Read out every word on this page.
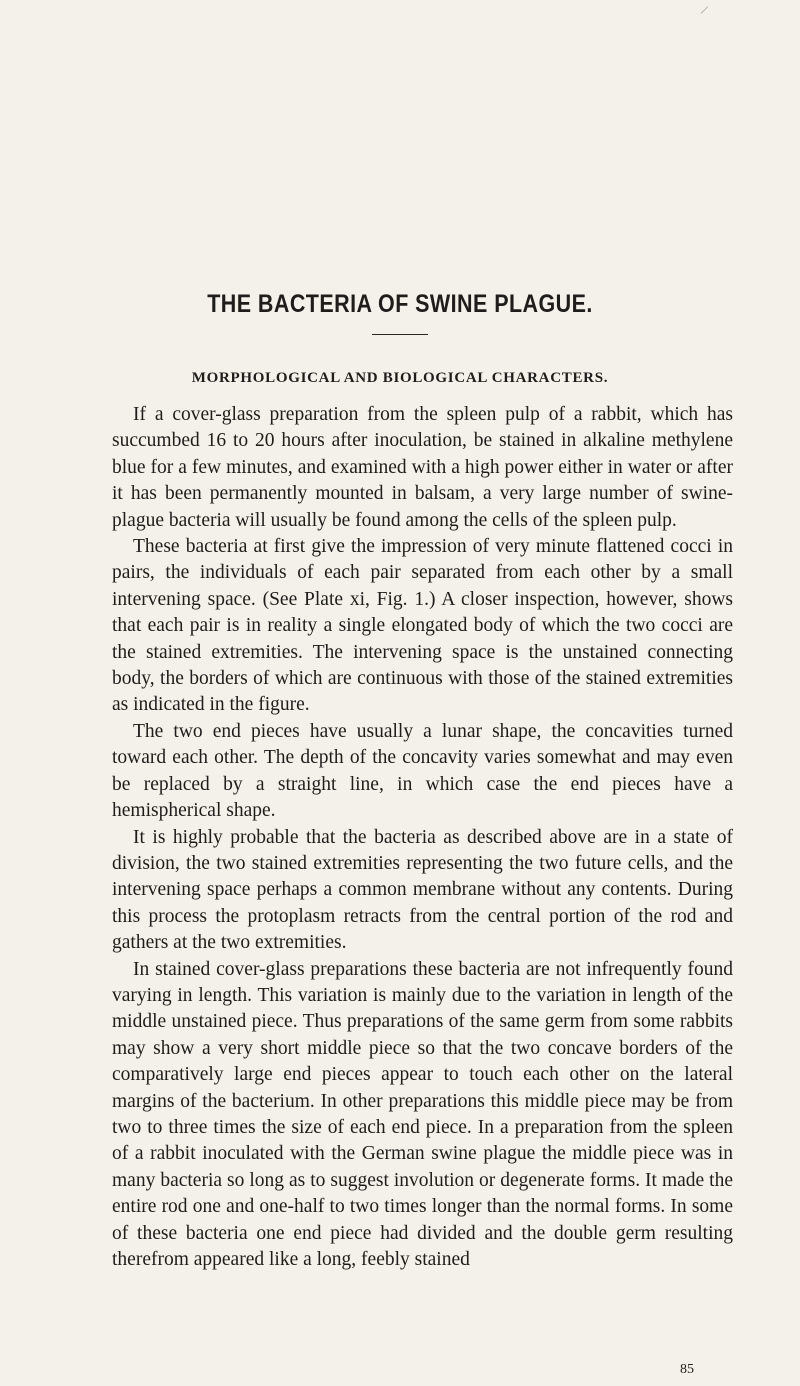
THE BACTERIA OF SWINE PLAGUE.
MORPHOLOGICAL AND BIOLOGICAL CHARACTERS.

If a cover-glass preparation from the spleen pulp of a rabbit, which has succumbed 16 to 20 hours after inoculation, be stained in alkaline methylene blue for a few minutes, and examined with a high power either in water or after it has been permanently mounted in balsam, a very large number of swine-plague bacteria will usually be found among the cells of the spleen pulp.

These bacteria at first give the impression of very minute flattened cocci in pairs, the individuals of each pair separated from each other by a small intervening space. (See Plate xi, Fig. 1.) A closer inspection, however, shows that each pair is in reality a single elongated body of which the two cocci are the stained extremities. The intervening space is the unstained connecting body, the borders of which are continuous with those of the stained extremities as indicated in the figure.

The two end pieces have usually a lunar shape, the concavities turned toward each other. The depth of the concavity varies somewhat and may even be replaced by a straight line, in which case the end pieces have a hemispherical shape.

It is highly probable that the bacteria as described above are in a state of division, the two stained extremities representing the two future cells, and the intervening space perhaps a common membrane without any contents. During this process the protoplasm retracts from the central portion of the rod and gathers at the two extremities.

In stained cover-glass preparations these bacteria are not infrequently found varying in length. This variation is mainly due to the variation in length of the middle unstained piece. Thus preparations of the same germ from some rabbits may show a very short middle piece so that the two concave borders of the comparatively large end pieces appear to touch each other on the lateral margins of the bacterium. In other preparations this middle piece may be from two to three times the size of each end piece. In a preparation from the spleen of a rabbit inoculated with the German swine plague the middle piece was in many bacteria so long as to suggest involution or degenerate forms. It made the entire rod one and one-half to two times longer than the normal forms. In some of these bacteria one end piece had divided and the double germ resulting therefrom appeared like a long, feebly stained

85
